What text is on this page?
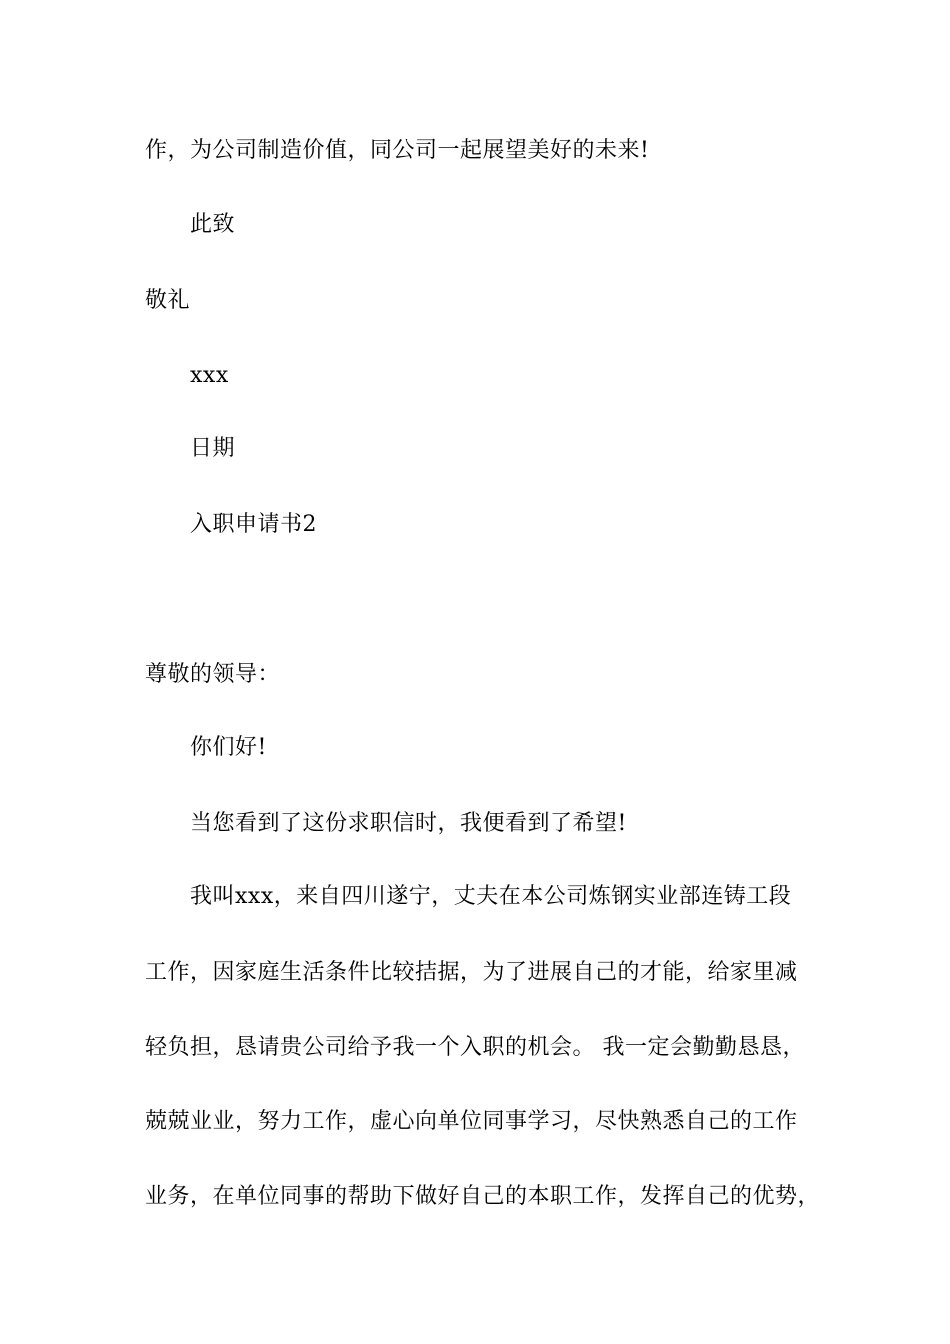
作，为公司制造价值，同公司一起展望美好的未来!
此致
敬礼
xxx
日期
入职申请书2
尊敬的领导：
你们好!
当您看到了这份求职信时，我便看到了希望!
我叫xxx，来自四川遂宁，丈夫在本公司炼钢实业部连铸工段
工作，因家庭生活条件比较拮据，为了进展自己的才能，给家里减
轻负担，恳请贵公司给予我一个入职的机会。 我一定会勤勤恳恳，
兢兢业业，努力工作，虚心向单位同事学习，尽快熟悉自己的工作
业务，在单位同事的帮助下做好自己的本职工作，发挥自己的优势，
